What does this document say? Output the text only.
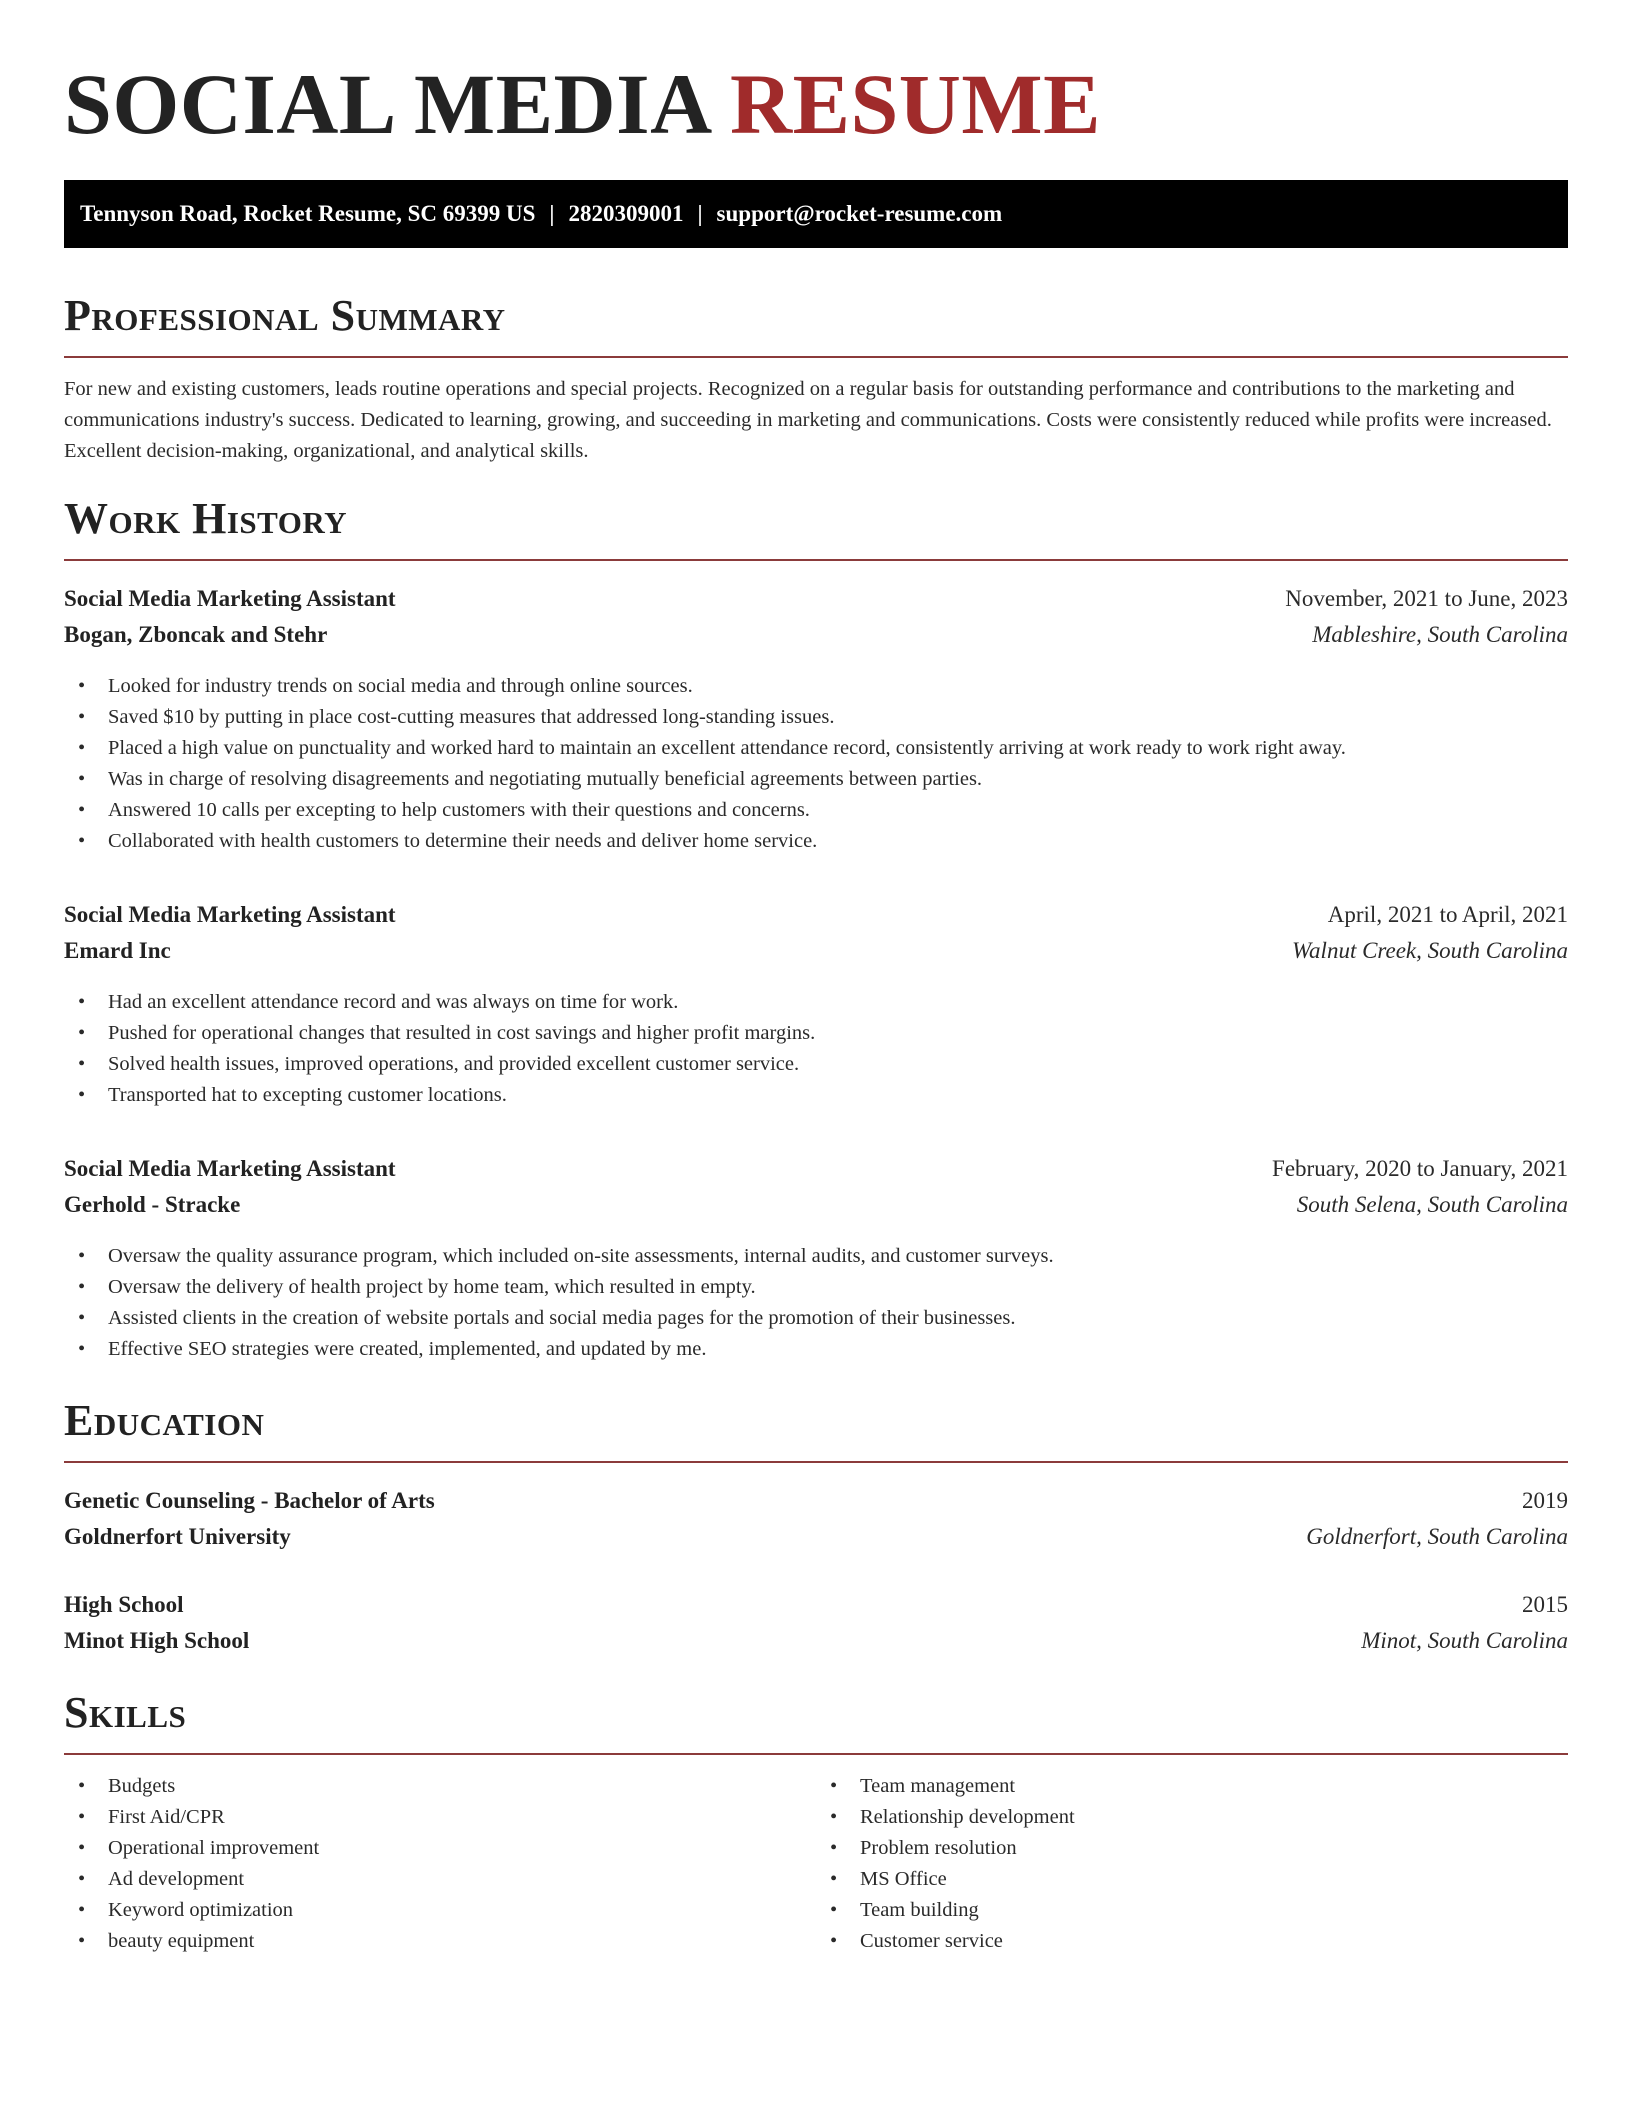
SOCIAL MEDIA RESUME
Tennyson Road, Rocket Resume, SC 69399 US | 2820309001 | support@rocket-resume.com
Professional Summary

For new and existing customers, leads routine operations and special projects. Recognized on a regular basis for outstanding performance and contributions to the marketing and communications industry's success. Dedicated to learning, growing, and succeeding in marketing and communications. Costs were consistently reduced while profits were increased. Excellent decision-making, organizational, and analytical skills.

Work History
Social Media Marketing Assistant	November, 2021 to June, 2023
Bogan, Zboncak and Stehr	Mableshire, South Carolina
• Looked for industry trends on social media and through online sources.
• Saved $10 by putting in place cost-cutting measures that addressed long-standing issues.
• Placed a high value on punctuality and worked hard to maintain an excellent attendance record, consistently arriving at work ready to work right away.
• Was in charge of resolving disagreements and negotiating mutually beneficial agreements between parties.
• Answered 10 calls per excepting to help customers with their questions and concerns.
• Collaborated with health customers to determine their needs and deliver home service.
Social Media Marketing Assistant	April, 2021 to April, 2021
Emard Inc	Walnut Creek, South Carolina
• Had an excellent attendance record and was always on time for work.
• Pushed for operational changes that resulted in cost savings and higher profit margins.
• Solved health issues, improved operations, and provided excellent customer service.
• Transported hat to excepting customer locations.
Social Media Marketing Assistant	February, 2020 to January, 2021
Gerhold - Stracke	South Selena, South Carolina
• Oversaw the quality assurance program, which included on-site assessments, internal audits, and customer surveys.
• Oversaw the delivery of health project by home team, which resulted in empty.
• Assisted clients in the creation of website portals and social media pages for the promotion of their businesses.
• Effective SEO strategies were created, implemented, and updated by me.
Education
Genetic Counseling - Bachelor of Arts	2019
Goldnerfort University	Goldnerfort, South Carolina
High School	2015
Minot High School	Minot, South Carolina
Skills
• Budgets
• First Aid/CPR
• Operational improvement
• Ad development
• Keyword optimization
• beauty equipment
• Team management
• Relationship development
• Problem resolution
• MS Office
• Team building
• Customer service
